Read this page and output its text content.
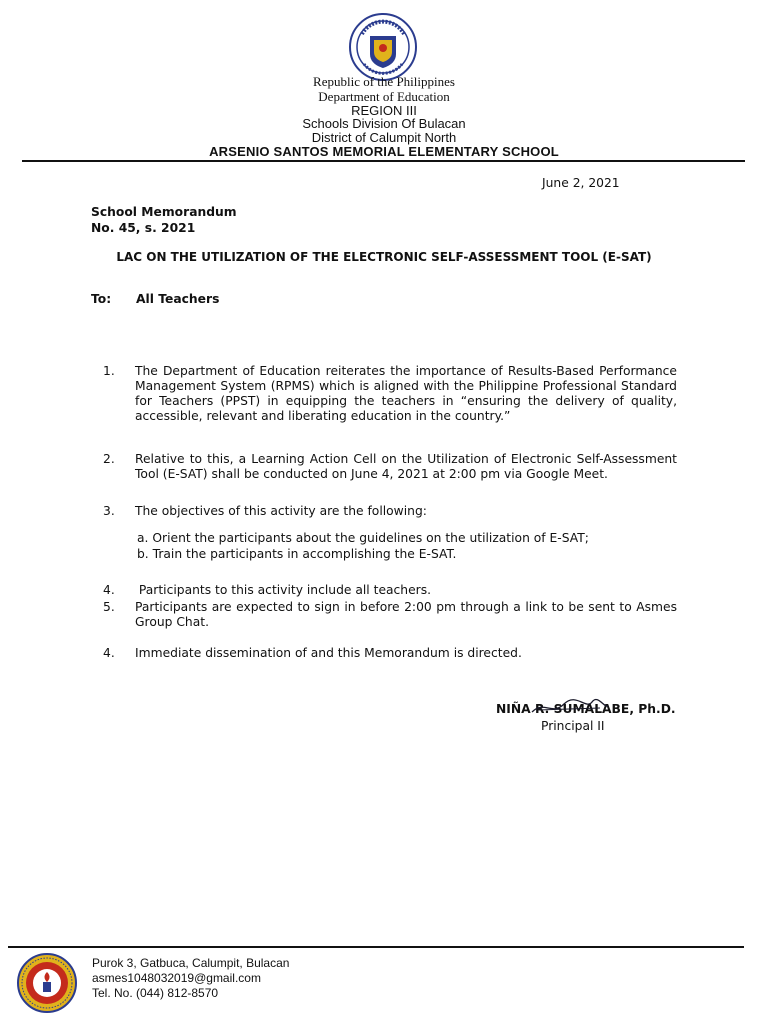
Republic of the Philippines
Department of Education
REGION III
Schools Division Of Bulacan
District of Calumpit North
ARSENIO SANTOS MEMORIAL ELEMENTARY SCHOOL
June 2, 2021
School Memorandum
No. 45, s. 2021
LAC ON THE UTILIZATION OF THE ELECTRONIC SELF-ASSESSMENT TOOL (E-SAT)
To: All Teachers
1.	The Department of Education reiterates the importance of Results-Based Performance Management System (RPMS) which is aligned with the Philippine Professional Standard for Teachers (PPST) in equipping the teachers in “ensuring the delivery of quality, accessible, relevant and liberating education in the country.”
2.	Relative to this, a Learning Action Cell on the Utilization of Electronic Self-Assessment Tool (E-SAT) shall be conducted on June 4, 2021 at 2:00 pm via Google Meet.
3.	The objectives of this activity are the following:
a. Orient the participants about the guidelines on the utilization of E-SAT;
b. Train the participants in accomplishing the E-SAT.
4.	Participants to this activity include all teachers.
5.	Participants are expected to sign in before 2:00 pm through a link to be sent to Asmes   Group Chat.
4.	Immediate dissemination of and this Memorandum is directed.
NIÑA R. SUMALABE, Ph.D.
Principal II
Purok 3, Gatbuca, Calumpit, Bulacan
asmes1048032019@gmail.com
Tel. No. (044) 812-8570
